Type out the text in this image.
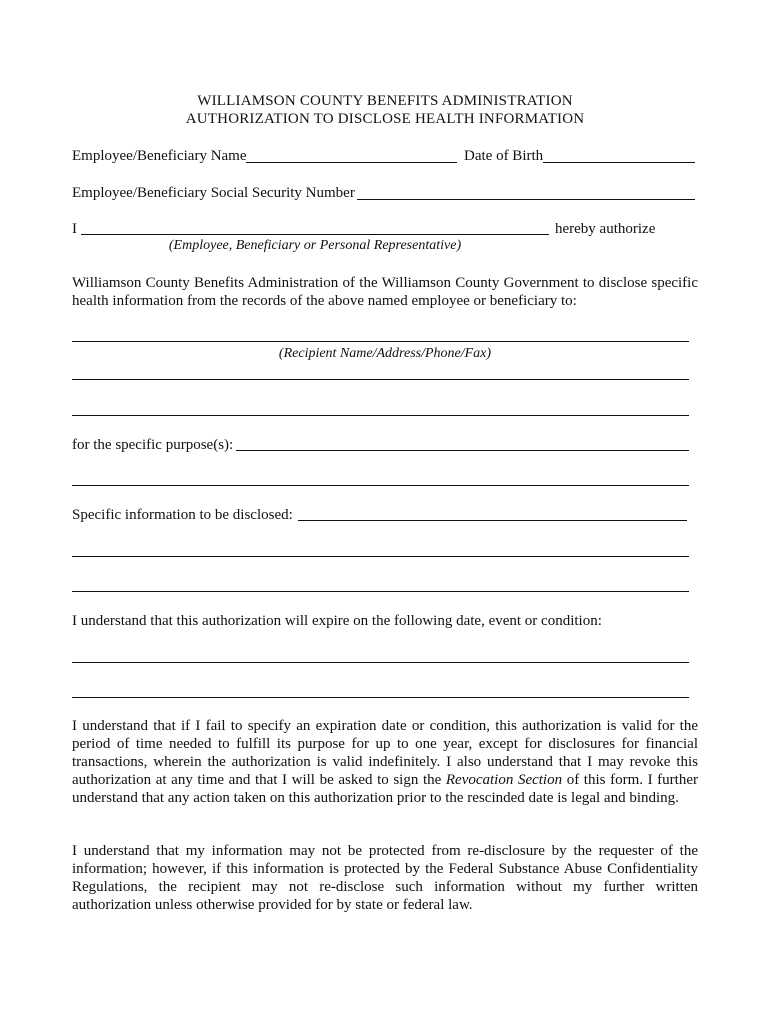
WILLIAMSON COUNTY BENEFITS ADMINISTRATION
AUTHORIZATION TO DISCLOSE HEALTH INFORMATION
Employee/Beneficiary Name	Date of Birth
Employee/Beneficiary Social Security Number
I	hereby authorize
(Employee, Beneficiary or Personal Representative)
Williamson County Benefits Administration of the Williamson County Government to disclose specific health information from the records of the above named employee or beneficiary to:
(Recipient Name/Address/Phone/Fax)
for the specific purpose(s):
Specific information to be disclosed:
I understand that this authorization will expire on the following date, event or condition:
I understand that if I fail to specify an expiration date or condition, this authorization is valid for the period of time needed to fulfill its purpose for up to one year, except for disclosures for financial transactions, wherein the authorization is valid indefinitely. I also understand that I may revoke this authorization at any time and that I will be asked to sign the Revocation Section of this form. I further understand that any action taken on this authorization prior to the rescinded date is legal and binding.
I understand that my information may not be protected from re-disclosure by the requester of the information; however, if this information is protected by the Federal Substance Abuse Confidentiality Regulations, the recipient may not re-disclose such information without my further written authorization unless otherwise provided for by state or federal law.
